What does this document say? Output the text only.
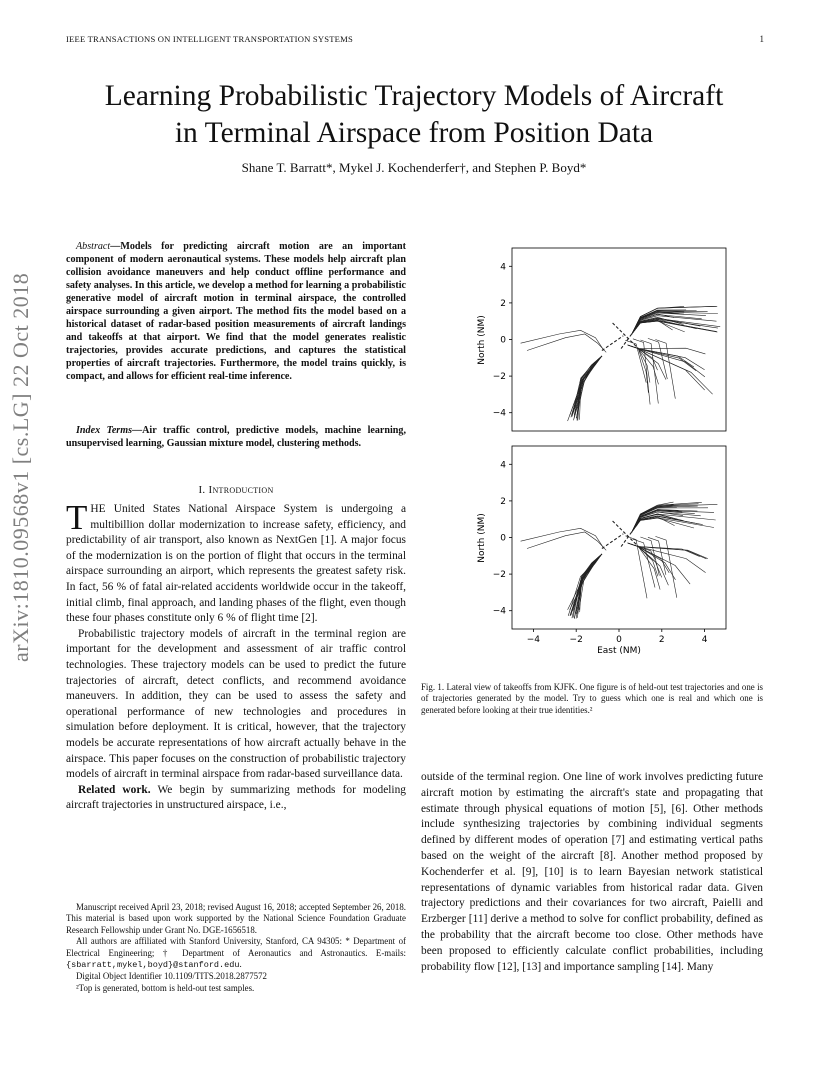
IEEE TRANSACTIONS ON INTELLIGENT TRANSPORTATION SYSTEMS	1
arXiv:1810.09568v1 [cs.LG] 22 Oct 2018
Learning Probabilistic Trajectory Models of Aircraft
in Terminal Airspace from Position Data
Shane T. Barratt*, Mykel J. Kochenderfer†, and Stephen P. Boyd*
Abstract—Models for predicting aircraft motion are an important component of modern aeronautical systems. These models help aircraft plan collision avoidance maneuvers and help conduct offline performance and safety analyses. In this article, we develop a method for learning a probabilistic generative model of aircraft motion in terminal airspace, the controlled airspace surrounding a given airport. The method fits the model based on a historical dataset of radar-based position measurements of aircraft landings and takeoffs at that airport. We find that the model generates realistic trajectories, provides accurate predictions, and captures the statistical properties of aircraft trajectories. Furthermore, the model trains quickly, is compact, and allows for efficient real-time inference.
Index Terms—Air traffic control, predictive models, machine learning, unsupervised learning, Gaussian mixture model, clustering methods.
I. Introduction

THE United States National Airspace System is undergoing a multibillion dollar modernization to increase safety, efficiency, and predictability of air transport, also known as NextGen [1]. A major focus of the modernization is on the portion of flight that occurs in the terminal airspace surrounding an airport, which represents the greatest safety risk. In fact, 56 % of fatal air-related accidents worldwide occur in the takeoff, initial climb, final approach, and landing phases of the flight, even though these four phases constitute only 6 % of flight time [2].

Probabilistic trajectory models of aircraft in the terminal region are important for the development and assessment of air traffic control technologies. These trajectory models can be used to predict the future trajectories of aircraft, detect conflicts, and recommend avoidance maneuvers. In addition, they can be used to assess the safety and operational performance of new technologies and procedures in simulation before deployment. It is critical, however, that the trajectory models be accurate representations of how aircraft actually behave in the airspace. This paper focuses on the construction of probabilistic trajectory models of aircraft in terminal airspace from radar-based surveillance data.

Related work. We begin by summarizing methods for modeling aircraft trajectories in unstructured airspace, i.e.,

Manuscript received April 23, 2018; revised August 16, 2018; accepted September 26, 2018. This material is based upon work supported by the National Science Foundation Graduate Research Fellowship under Grant No. DGE-1656518.

All authors are affiliated with Stanford University, Stanford, CA 94305: * Department of Electrical Engineering; † Department of Aeronautics and Astronautics. E-mails: {sbarratt,mykel,boyd}@stanford.edu.

Digital Object Identifier 10.1109/TITS.2018.2877572

²Top is generated, bottom is held-out test samples.

4
2
0
−2
−4
4
2
0
−2
−4
−4	−2	0	2	4
North (NM)
North (NM)
East (NM)
Fig. 1. Lateral view of takeoffs from KJFK. One figure is of held-out test trajectories and one is of trajectories generated by the model. Try to guess which one is real and which one is generated before looking at their true identities.²
outside of the terminal region. One line of work involves predicting future aircraft motion by estimating the aircraft's state and propagating that estimate through physical equations of motion [5], [6]. Other methods include synthesizing trajectories by combining individual segments defined by different modes of operation [7] and estimating vertical paths based on the weight of the aircraft [8]. Another method proposed by Kochenderfer et al. [9], [10] is to learn Bayesian network statistical representations of dynamic variables from historical radar data. Given trajectory predictions and their covariances for two aircraft, Paielli and Erzberger [11] derive a method to solve for conflict probability, defined as the probability that the aircraft become too close. Other methods have been proposed to efficiently calculate conflict probabilities, including probability flow [12], [13] and importance sampling [14]. Many
